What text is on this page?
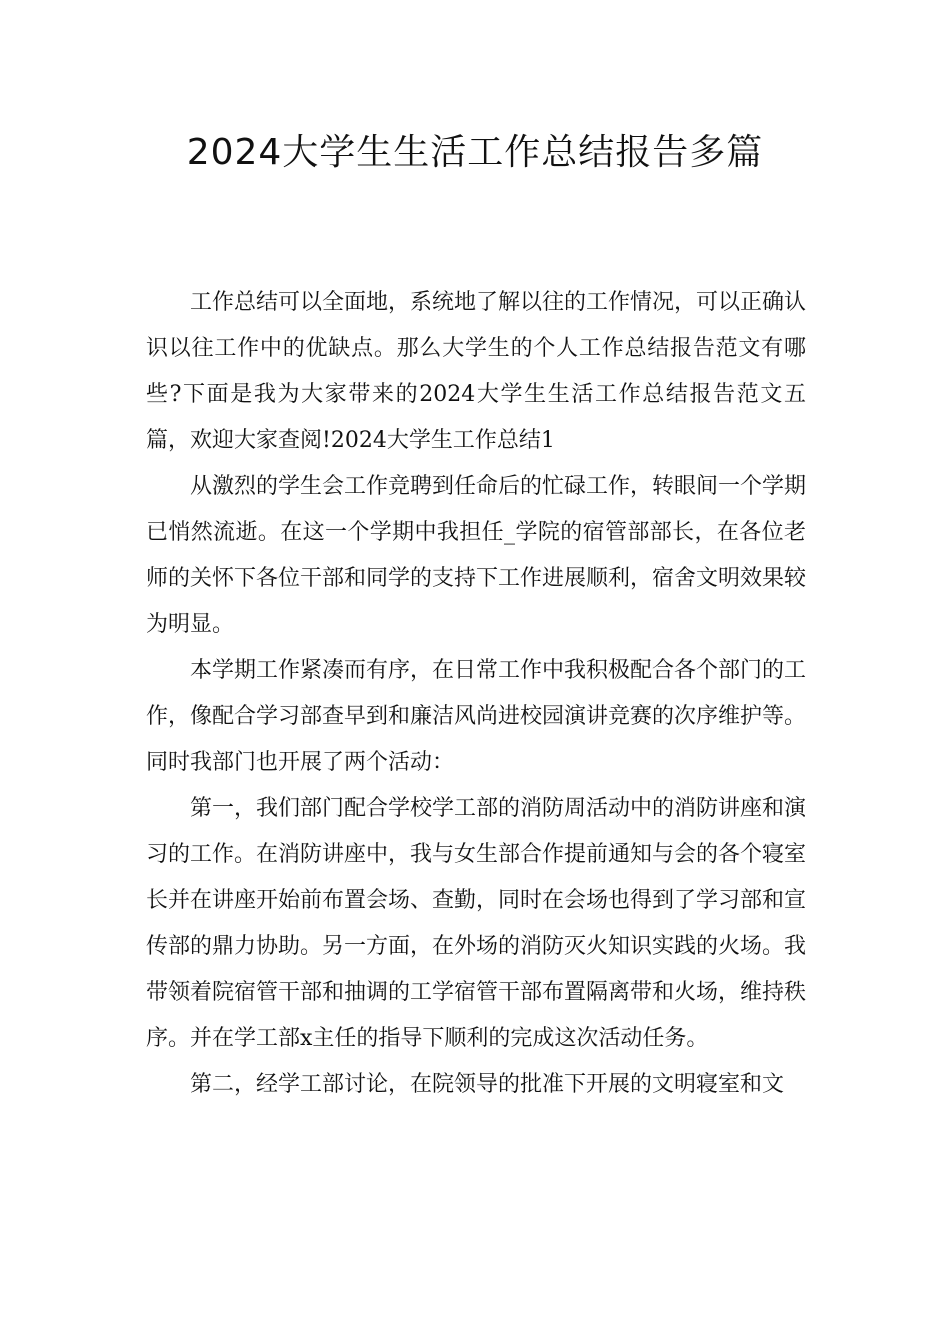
2024大学生生活工作总结报告多篇

工作总结可以全面地，系统地了解以往的工作情况，可以正确认识以往工作中的优缺点。那么大学生的个人工作总结报告范文有哪些?下面是我为大家带来的2024大学生生活工作总结报告范文五篇，欢迎大家查阅!2024大学生工作总结1

从激烈的学生会工作竞聘到任命后的忙碌工作，转眼间一个学期已悄然流逝。在这一个学期中我担任_学院的宿管部部长，在各位老师的关怀下各位干部和同学的支持下工作进展顺利，宿舍文明效果较为明显。

本学期工作紧凑而有序，在日常工作中我积极配合各个部门的工作，像配合学习部查早到和廉洁风尚进校园演讲竞赛的次序维护等。同时我部门也开展了两个活动：

第一，我们部门配合学校学工部的消防周活动中的消防讲座和演习的工作。在消防讲座中，我与女生部合作提前通知与会的各个寝室长并在讲座开始前布置会场、查勤，同时在会场也得到了学习部和宣传部的鼎力协助。另一方面，在外场的消防灭火知识实践的火场。我带领着院宿管干部和抽调的工学宿管干部布置隔离带和火场，维持秩序。并在学工部x主任的指导下顺利的完成这次活动任务。

第二，经学工部讨论，在院领导的批准下开展的文明寝室和文
